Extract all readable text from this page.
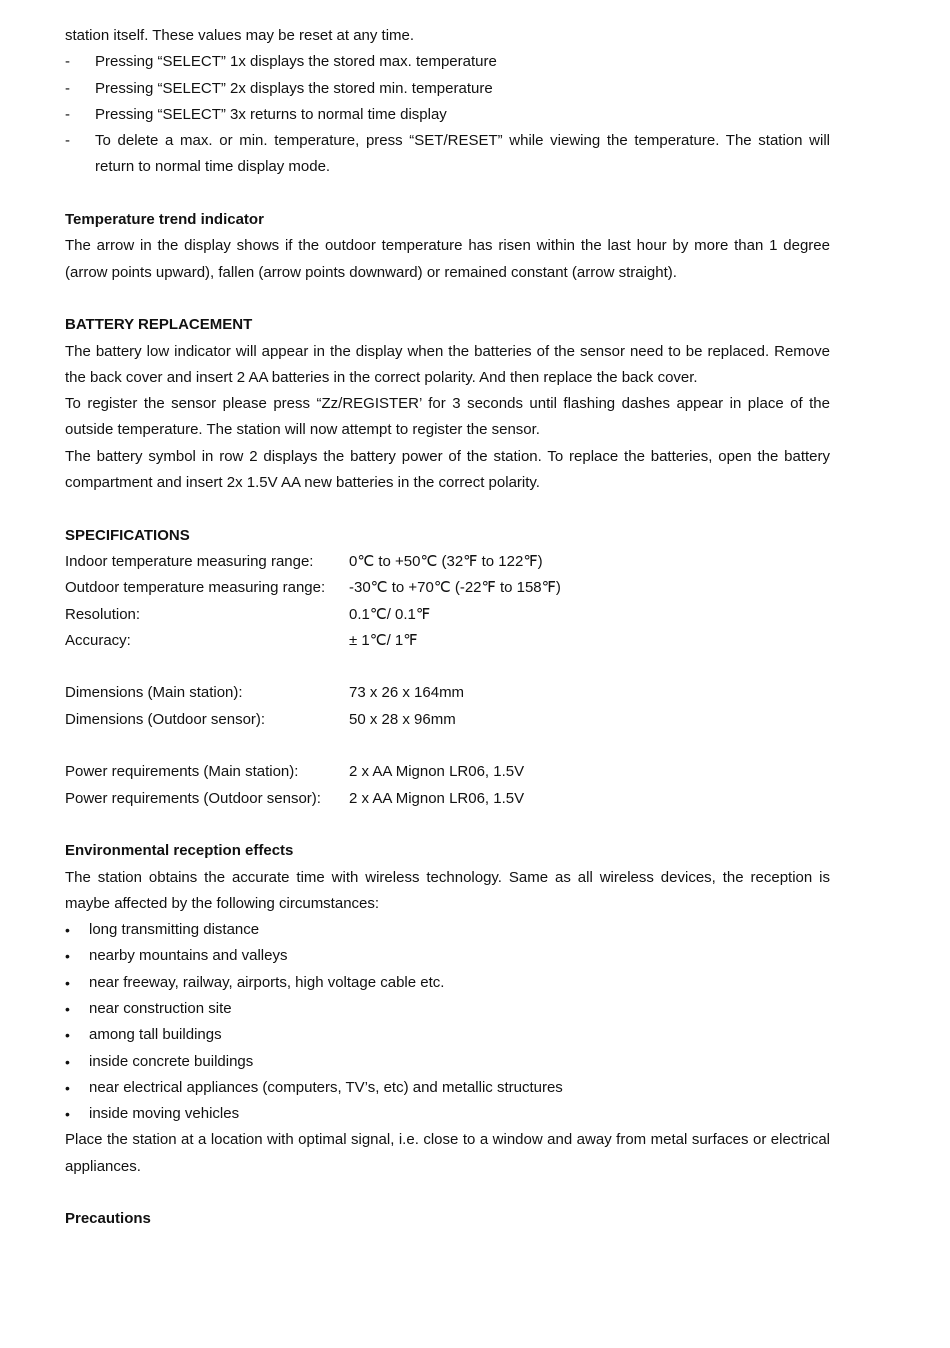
station itself. These values may be reset at any time.

- Pressing “SELECT” 1x displays the stored max. temperature
- Pressing “SELECT” 2x displays the stored min. temperature
- Pressing “SELECT” 3x returns to normal time display
- To delete a max. or min. temperature, press “SET/RESET” while viewing the temperature. The station will return to normal time display mode.
Temperature trend indicator

The arrow in the display shows if the outdoor temperature has risen within the last hour by more than 1 degree (arrow points upward), fallen (arrow points downward) or remained constant (arrow straight).

BATTERY REPLACEMENT

The battery low indicator will appear in the display when the batteries of the sensor need to be replaced. Remove the back cover and insert 2 AA batteries in the correct polarity. And then replace the back cover.

To register the sensor please press “Zz/REGISTER’ for 3 seconds until flashing dashes appear in place of the outside temperature. The station will now attempt to register the sensor.

The battery symbol in row 2 displays the battery power of the station. To replace the batteries, open the battery compartment and insert 2x 1.5V AA new batteries in the correct polarity.

SPECIFICATIONS
Indoor temperature measuring range:	0℃ to +50℃ (32℉ to 122℉)
Outdoor temperature measuring range:	-30℃ to +70℃ (-22℉ to 158℉)
Resolution:	0.1℃/ 0.1℉
Accuracy:	± 1℃/ 1℉
Dimensions (Main station):	73 x 26 x 164mm
Dimensions (Outdoor sensor):	50 x 28 x 96mm
Power requirements (Main station):	2 x AA Mignon LR06, 1.5V
Power requirements (Outdoor sensor):	2 x AA Mignon LR06, 1.5V
Environmental reception effects

The station obtains the accurate time with wireless technology. Same as all wireless devices, the reception is maybe affected by the following circumstances:

• long transmitting distance
• nearby mountains and valleys
• near freeway, railway, airports, high voltage cable etc.
• near construction site
• among tall buildings
• inside concrete buildings
• near electrical appliances (computers, TV’s, etc) and metallic structures
• inside moving vehicles

Place the station at a location with optimal signal, i.e. close to a window and away from metal surfaces or electrical appliances.

Precautions
